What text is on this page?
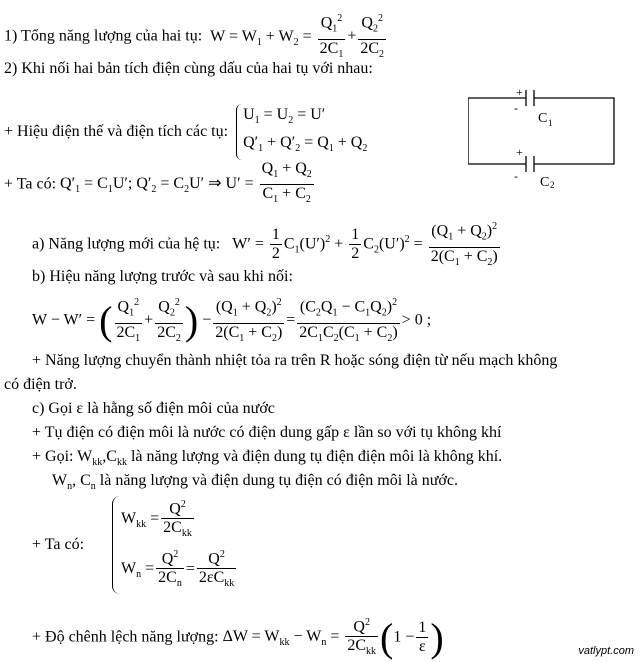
1) Tổng năng lượng của hai tụ: $W = W_1 + W_2 = \frac{Q_1^2}{2C_1} + \frac{Q_2^2}{2C_2}$
2) Khi nối hai bản tích điện cùng dấu của hai tụ với nhau:
+ Hiệu điện thế và điện tích các tụ: $U_1 = U_2 = U'$
$Q'_1 + Q'_2 = Q_1 + Q_2$
+
-
C 1
+
- C 2
+ Ta có: $Q'_1 = C_1U'$; $Q'_2 = C_2U'$ ⇒ $U' = \frac{Q_1 + Q_2}{C_1 + C_2}$
a) Năng lượng mới của hệ tụ: $W' = \frac{1}{2} C_1(U')^2 + \frac{1}{2} C_2(U')^2 = \frac{(Q_1 + Q_2)^2}{2(C_1 + C_2)}$
b) Hiệu năng lượng trước và sau khi nối:
W − W′ = ( $\frac{Q_1^2}{2C_1} + \frac{Q_2^2}{2C_2}$ ) − $\frac{(Q_1 + Q_2)^2}{2(C_1 + C_2)} = \frac{(C_2Q_1 - C_1Q_2)^2}{2C_1C_2(C_1 + C_2)} > 0$ ;
+ Năng lượng chuyển thành nhiệt tỏa ra trên R hoặc sóng điện từ nếu mạch không
có điện trở.
c) Gọi ε là hằng số điện môi của nước
+ Tụ điện có điện môi là nước có điện dung gấp ε lần so với tụ không khí
+ Gọi: $W_{kk},C_{kk}$ là năng lượng và điện dung tụ điện điện môi là không khí.
$W_n$, $C_n$ là năng lượng và điện dung tụ điện có điện môi là nước.
+ Ta có:
$W_{kk} = \frac{Q^2}{2C_{kk}}$
$W_n = \frac{Q^2}{2C_n} = \frac{Q^2}{2\varepsilon C_{kk}}$
+ Độ chênh lệch năng lượng: $\Delta W = W_{kk} - W_n = \frac{Q^2}{2C_{kk}} (1 - \frac{1}{\varepsilon}$ )	vatlypt.com
